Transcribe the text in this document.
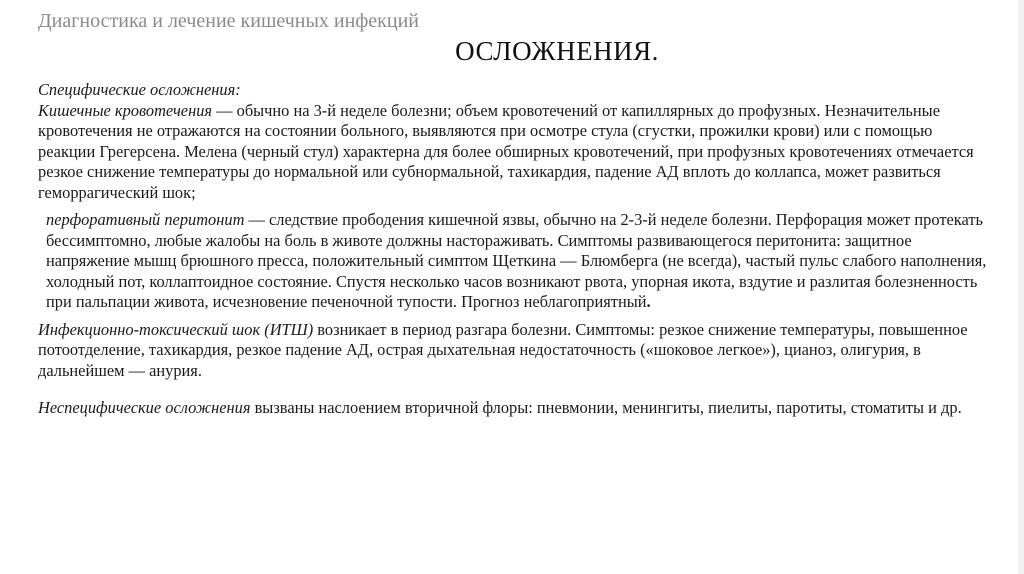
Диагностика и лечение кишечных инфекций
ОСЛОЖНЕНИЯ.

Специфические осложнения:

Кишечные кровотечения — обычно на 3-й неделе болезни; объем кровотечений от капиллярных до профузных. Незначительные кровотечения не отражаются на состоянии больного, выявляются при осмотре стула (сгустки, прожилки крови) или с помощью реакции Грегерсена. Мелена (черный стул) характерна для более обширных кровотечений, при профузных кровотечениях отмечается резкое снижение температуры до нормальной или субнормальной, тахикардия, падение АД вплоть до коллапса, может развиться геморрагический шок;

перфоративный перитонит — следствие прободения кишечной язвы, обычно на 2-3-й неделе болезни. Перфорация может протекать бессимптомно, любые жалобы на боль в животе должны настораживать. Симптомы развивающегося перитонита: защитное напряжение мышц брюшного пресса, положительный симптом Щеткина — Блюмберга (не всегда), частый пульс слабого наполнения, холодный пот, коллаптоидное состояние. Спустя несколько часов возникают рвота, упорная икота, вздутие и разлитая болезненность при пальпации живота, исчезновение печеночной тупости. Прогноз неблагоприятный.

Инфекционно-токсический шок (ИТШ) возникает в период разгара болезни. Симптомы: резкое снижение температуры, повышенное потоотделение, тахикардия, резкое падение АД, острая дыхательная недостаточность («шоковое легкое»), цианоз, олигурия, в дальнейшем — анурия.

Неспецифические осложнения вызваны наслоением вторичной флоры: пневмонии, менингиты, пиелиты, паротиты, стоматиты и др.
